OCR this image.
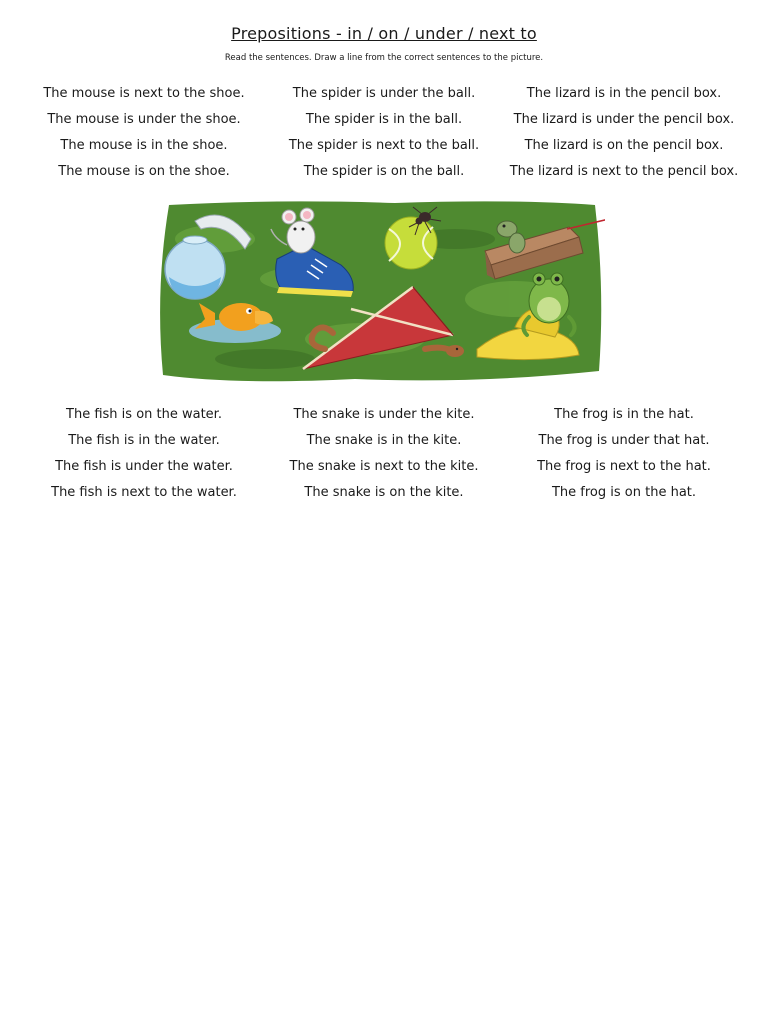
Prepositions - in / on / under / next to
Read the sentences. Draw a line from the correct sentences to the picture.
The mouse is next to the shoe.
The mouse is under the shoe.
The mouse is in the shoe.
The mouse is on the shoe.
The spider is under the ball.
The spider is in the ball.
The spider is next to the ball.
The spider is on the ball.
The lizard is in the pencil box.
The lizard is under the pencil box.
The lizard is on the pencil box.
The lizard is next to the pencil box.
The fish is on the water.
The fish is in the water.
The fish is under the water.
The fish is next to the water.
The snake is under the kite.
The snake is in the kite.
The snake is next to the kite.
The snake is on the kite.
The frog is in the hat.
The frog is under that hat.
The frog is next to the hat.
The frog is on the hat.
